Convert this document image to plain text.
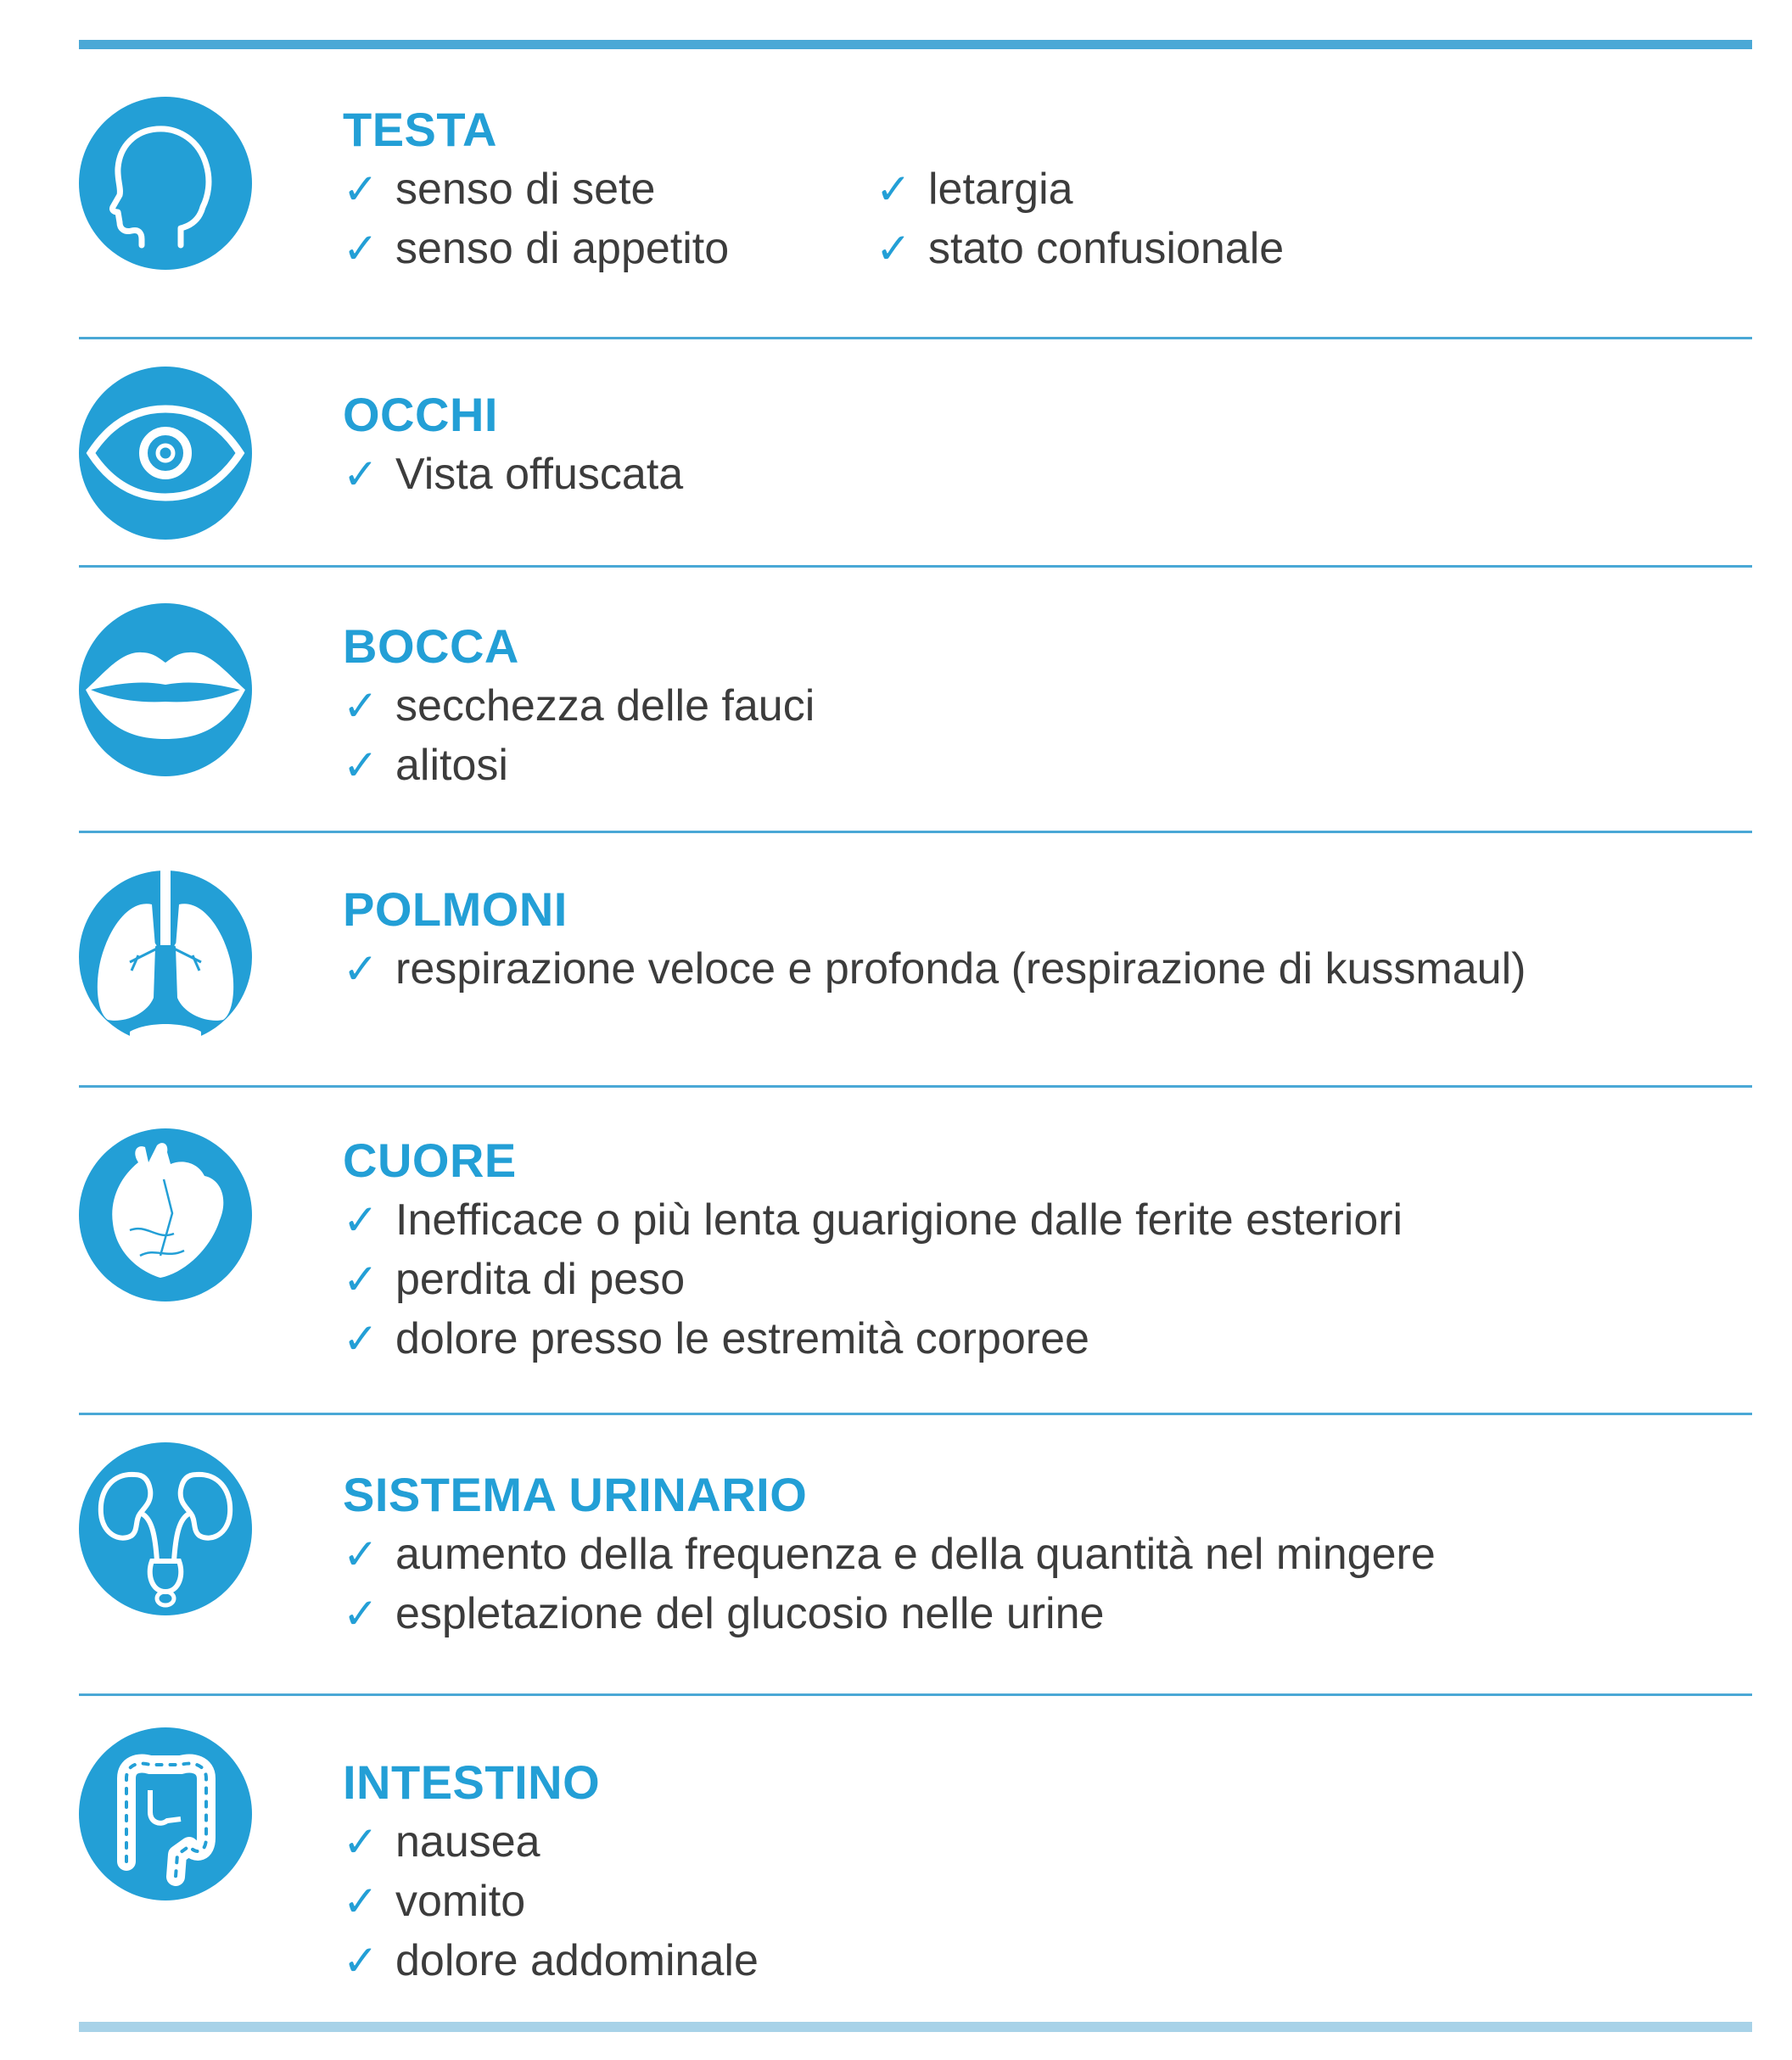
TESTA
✓ senso di sete	✓ letargia
✓ senso di appetito	✓ stato confusionale
OCCHI
✓ Vista offuscata
BOCCA
✓ secchezza delle fauci
✓ alitosi
POLMONI
✓ respirazione veloce e profonda (respirazione di kussmaul)
CUORE
✓ Inefficace o più lenta guarigione dalle ferite esteriori
✓ perdita di peso
✓ dolore presso le estremità corporee
SISTEMA URINARIO
✓ aumento della frequenza e della quantità nel mingere
✓ espletazione del glucosio nelle urine
INTESTINO
✓ nausea
✓ vomito
✓ dolore addominale
